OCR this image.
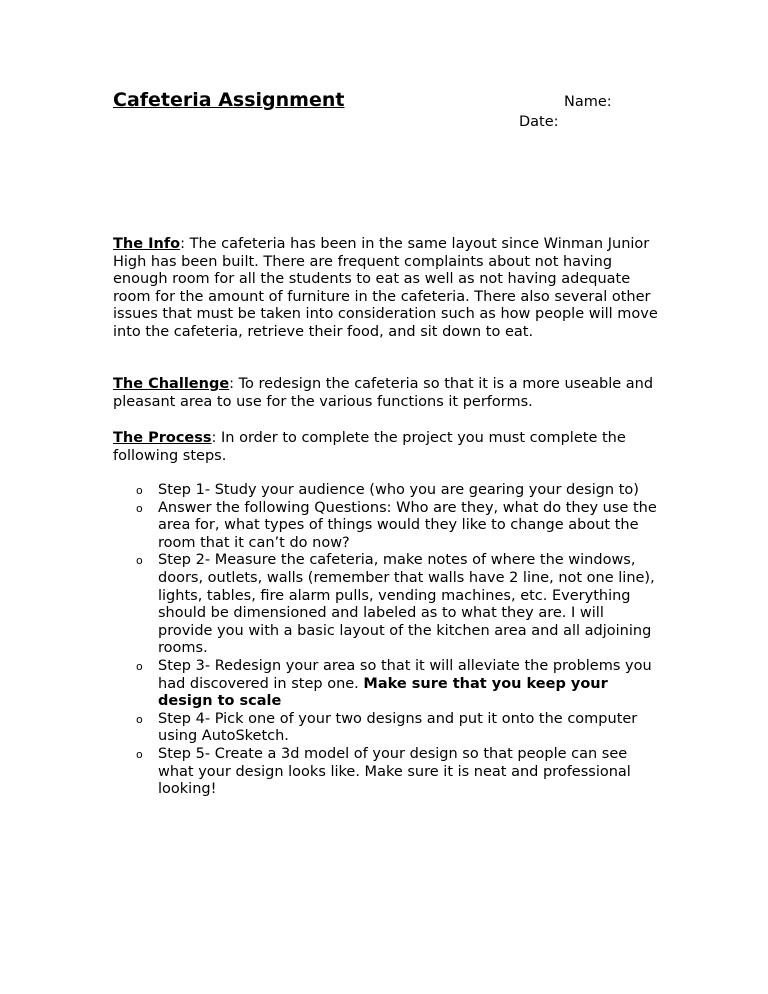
Cafeteria Assignment	Name:
Date:
The Info: The cafeteria has been in the same layout since Winman Junior High has been built. There are frequent complaints about not having enough room for all the students to eat as well as not having adequate room for the amount of furniture in the cafeteria. There also several other issues that must be taken into consideration such as how people will move into the cafeteria, retrieve their food, and sit down to eat.
The Challenge: To redesign the cafeteria so that it is a more useable and pleasant area to use for the various functions it performs.
The Process: In order to complete the project you must complete the following steps.
o Step 1- Study your audience (who you are gearing your design to)
o Answer the following Questions: Who are they, what do they use the area for, what types of things would they like to change about the room that it can’t do now?
o Step 2- Measure the cafeteria, make notes of where the windows, doors, outlets, walls (remember that walls have 2 line, not one line), lights, tables, fire alarm pulls, vending machines, etc. Everything should be dimensioned and labeled as to what they are. I will provide you with a basic layout of the kitchen area and all adjoining rooms.
o Step 3- Redesign your area so that it will alleviate the problems you had discovered in step one. Make sure that you keep your design to scale
o Step 4- Pick one of your two designs and put it onto the computer using AutoSketch.
o Step 5- Create a 3d model of your design so that people can see what your design looks like. Make sure it is neat and professional looking!
